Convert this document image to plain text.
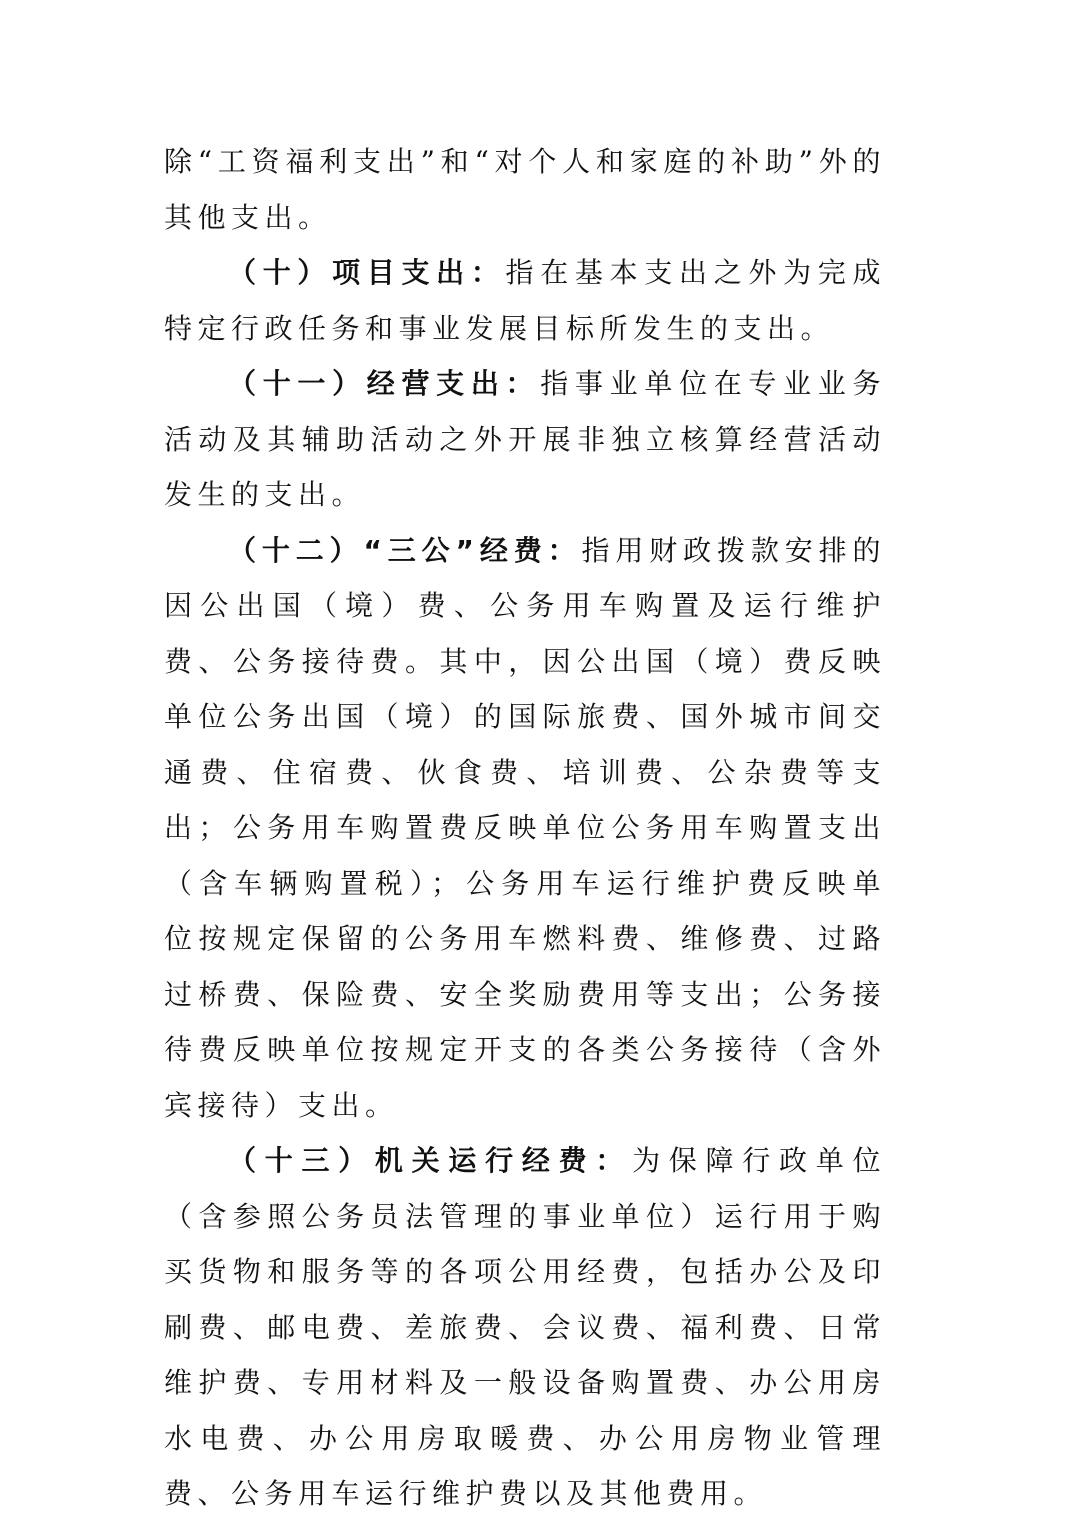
除“工资福利支出”和“对个人和家庭的补助”外的其他支出。

（十）项目支出：指在基本支出之外为完成特定行政任务和事业发展目标所发生的支出。

（十一）经营支出：指事业单位在专业业务活动及其辅助活动之外开展非独立核算经营活动发生的支出。

（十二）“三公”经费：指用财政拨款安排的因公出国（境）费、公务用车购置及运行维护费、公务接待费。其中，因公出国（境）费反映单位公务出国（境）的国际旅费、国外城市间交通费、住宿费、伙食费、培训费、公杂费等支出；公务用车购置费反映单位公务用车购置支出（含车辆购置税）；公务用车运行维护费反映单位按规定保留的公务用车燃料费、维修费、过路过桥费、保险费、安全奖励费用等支出；公务接待费反映单位按规定开支的各类公务接待（含外宾接待）支出。

（十三）机关运行经费：为保障行政单位（含参照公务员法管理的事业单位）运行用于购买货物和服务等的各项公用经费，包括办公及印刷费、邮电费、差旅费、会议费、福利费、日常维护费、专用材料及一般设备购置费、办公用房水电费、办公用房取暖费、办公用房物业管理费、公务用车运行维护费以及其他费用。
